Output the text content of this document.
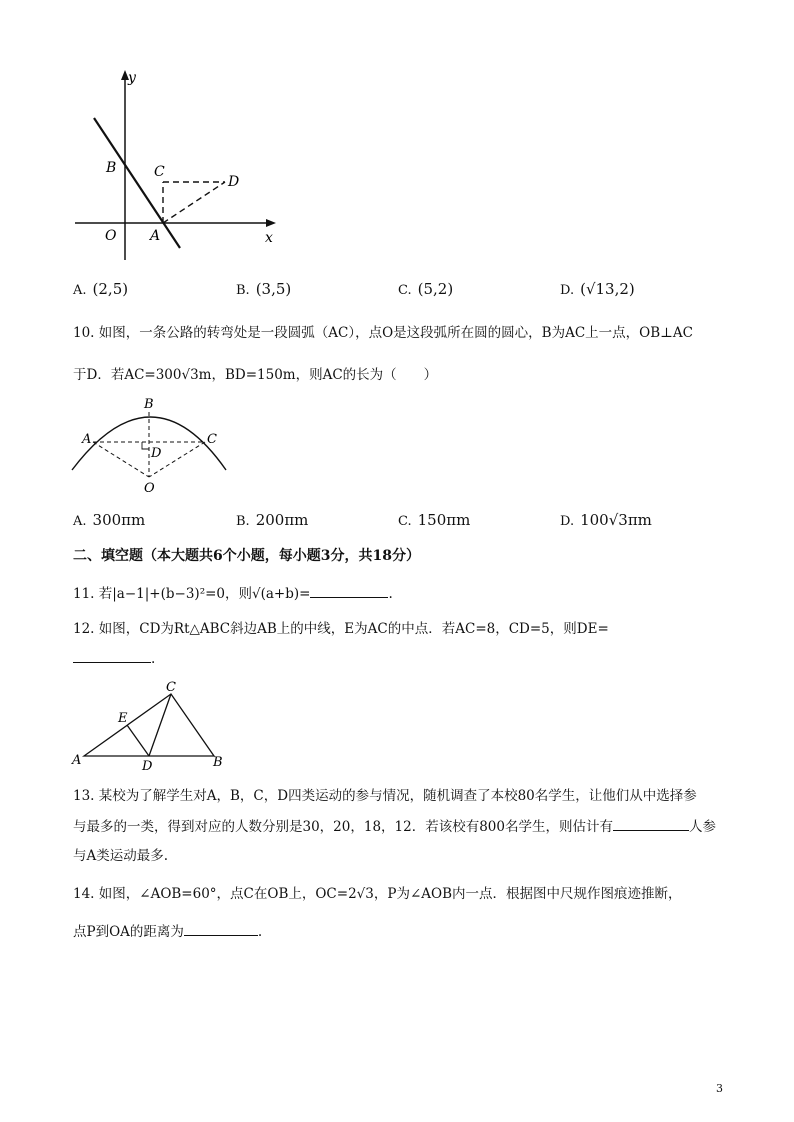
y
x
O A
B	C
D
A. (2,5)	B. (3,5)	C. (5,2)	D. (√13,2)
10. 如图，一条公路的转弯处是一段圆弧（AC），点O是这段弧所在圆的圆心，B为AC上一点，OB⊥AC
于D．若AC=300√3m，BD=150m，则AC的长为（　　）
B
A	C
D
O
A. 300πm	B. 200πm	C. 150πm	D. 100√3πm
二、填空题（本大题共6个小题，每小题3分，共18分）
11. 若|a−1|+(b−3)²=0，则√(a+b)=	.
12. 如图，CD为Rt△ABC斜边AB上的中线，E为AC的中点．若AC=8，CD=5，则DE=
.
C
E
A	D	B
13. 某校为了解学生对A，B，C，D四类运动的参与情况，随机调查了本校80名学生，让他们从中选择参
与最多的一类，得到对应的人数分别是30，20，18，12．若该校有800名学生，则估计有	人参
与A类运动最多.
14. 如图，∠AOB=60°，点C在OB上，OC=2√3，P为∠AOB内一点．根据图中尺规作图痕迹推断，
点P到OA的距离为	.
3
